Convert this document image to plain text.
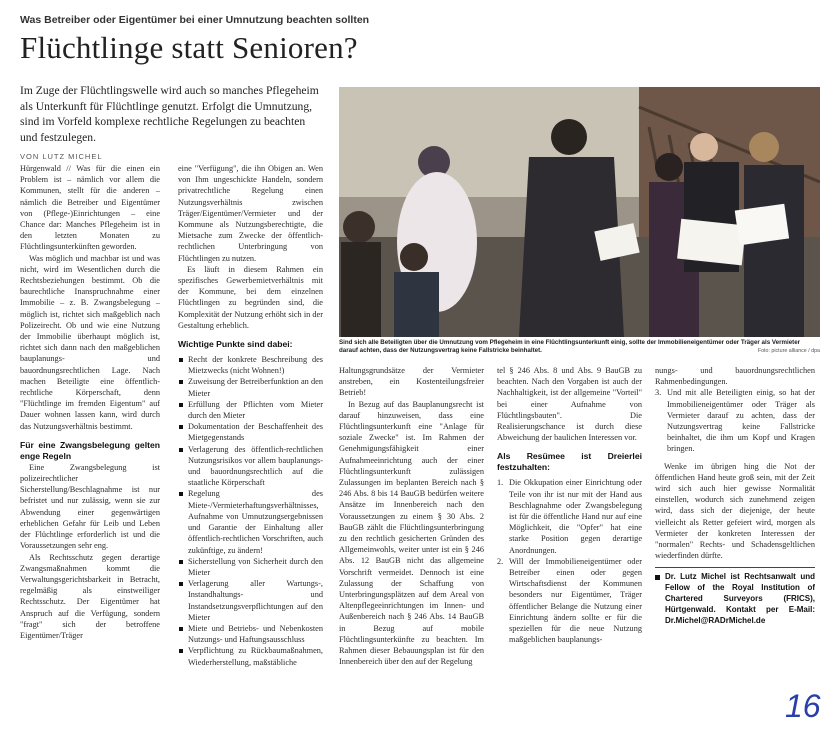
Was Betreiber oder Eigentümer bei einer Umnutzung beachten sollten
Flüchtlinge statt Senioren?
Im Zuge der Flüchtlingswelle wird auch so manches Pflegeheim als Unterkunft für Flüchtlinge genutzt. Erfolgt die Umnutzung, sind im Vorfeld komplexe rechtliche Regelungen zu beachten und festzulegen.
VON LUTZ MICHEL
Sind sich alle Beteiligten über die Umnutzung vom Pflegeheim in eine Flüchtlingsunterkunft einig, sollte der Immobilieneigentümer oder Träger als Vermieter darauf achten, dass der Nutzungsvertrag keine Fallstricke beinhaltet.	Foto: picture alliance / dpa

Hürgenwald // Was für die einen ein Problem ist – nämlich vor allem die Kommunen, stellt für die anderen – nämlich die Betreiber und Eigentümer von (Pflege-)Einrichtungen – eine Chance dar: Manches Pflegeheim ist in den letzten Monaten zu Flüchtlingsunterkünften geworden.

Was möglich und machbar ist und was nicht, wird im Wesentlichen durch die Rechtsbeziehungen bestimmt. Ob die baurechtliche Inanspruchnahme einer Immobilie – z. B. Zwangsbelegung – möglich ist, richtet sich maßgeblich nach Polizeirecht. Ob und wie eine Nutzung der Immobilie überhaupt möglich ist, richtet sich dann nach den maßgeblichen bauplanungs- und bauordnungsrechtlichen Lage. Nach machen Beteiligte eine öffentlich-rechtliche Körperschaft, denn "Flüchtlinge im fremden Eigentum" auf Dauer wohnen lassen kann, wird durch das Nutzungsverhältnis bestimmt.

Für eine Zwangsbelegung gelten enge Regeln

Eine Zwangsbelegung ist polizeirechtlicher Sicherstellung/Beschlagnahme ist nur befristet und nur zulässig, wenn sie zur Abwendung einer gegenwärtigen erheblichen Gefahr für Leib und Leben der Flüchtlinge erforderlich ist und die Voraussetzungen sehr eng.

Als Rechtsschutz gegen derartige Zwangsmaßnahmen kommt die Verwaltungsgerichtsbarkeit in Betracht, regelmäßig als einstweiliger Rechtsschutz. Der Eigentümer hat Anspruch auf die Verfügung, sondern "fragt" sich der betroffene Eigentümer/Träger

eine "Verfügung", die ihn Obigen an. Wen von Ihm ungeschickte Handeln, sondern privatrechtliche Regelung einen Nutzungsverhältnis zwischen Träger/Eigentümer/Vermieter und der Kommune als Nutzungsberechtigte, die Mietsache zum Zwecke der öffentlich-rechtlichen Unterbringung von Flüchtlingen zu nutzen.

Es läuft in diesem Rahmen ein spezifisches Gewerbemietverhältnis mit der Kommune, bei dem einzelnen Flüchtlingen zu begründen sind, die Komplexität der Nutzung erhöht sich in der Gestaltung erheblich.

Wichtige Punkte sind dabei:

Recht der konkrete Beschreibung des Mietzwecks (nicht Wohnen!)
Zuweisung der Betreiberfunktion an den Mieter
Erfüllung der Pflichten vom Mieter durch den Mieter
Dokumentation der Beschaffenheit des Mietgegenstands
Verlagerung des öffentlich-rechtlichen Nutzungsrisikos vor allem bauplanungs- und bauordnungsrechtlich auf die staatliche Körperschaft
Regelung des Miete-/Vermieterhaftungsverhältnisses, Aufnahme von Umnutzungsergebnissen und Garantie der Einhaltung aller öffentlich-rechtlichen Vorschriften, auch zukünftige, zu ändern!
Sicherstellung von Sicherheit durch den Mieter
Verlagerung aller Wartungs-, Instandhaltungs- und Instandsetzungsverpflichtungen auf den Mieter
Miete und Betriebs- und Nebenkosten Nutzungs- und Haftungsausschluss
Verpflichtung zu Rückbaumaßnahmen, Wiederherstellung, maßstäbliche

Haltungsgrundsätze der Vermieter anstreben, ein Kostenteilungsfreier Betrieb!

In Bezug auf das Bauplanungsrecht ist darauf hinzuweisen, dass eine Flüchtlingsunterkunft eine "Anlage für soziale Zwecke" ist. Im Rahmen der Genehmigungsfähigkeit einer Aufnahmeeinrichtung auch der einer Flüchtlingsunterkunft zulässigen Zulassungen im beplanten Bereich nach § 246 Abs. 8 bis 14 BauGB bedürfen weitere Ansätze im Innenbereich nach den Voraussetzungen zu einem § 30 Abs. 2 BauGB zählt die Flüchtlingsunterbringung zu den rechtlich gesicherten Gründen des Allgemeinwohls, weiter unter ist ein § 246 Abs. 12 BauGB nicht das allgemeine Vorschrift vermeidet. Dennoch ist eine Zulassung der Schaffung von Unterbringungsplätzen auf dem Areal von Altenpflegeeinrichtungen im Innen- und Außenbereich nach § 246 Abs. 14 BauGB in Bezug auf mobile Flüchtlingsunterkünfte zu beachten. Im Rahmen dieser Bebauungsplan ist für den Innenbereich über den auf der Regelung

tel § 246 Abs. 8 und Abs. 9 BauGB zu beachten. Nach den Vorgaben ist auch der Nachhaltigkeit, ist der allgemeine "Vorteil" bei einer Aufnahme von Flüchtlingsbauten". Die Realisierungschance ist durch diese Abweichung der baulichen Interessen vor.

Als Resümee ist Dreierlei festzuhalten:

1. Die Okkupation einer Einrichtung oder Teile von ihr ist nur mit der Hand aus Beschlagnahme oder Zwangsbelegung ist für die öffentliche Hand nur auf eine Möglichkeit, die "Opfer" hat eine starke Position gegen derartige Anordnungen.
2. Will der Immobilieneigentümer oder Betreiber einen oder gegen Wirtschaftsdienst der Kommunen besonders nur Eigentümer, Träger öffentlicher Belange die Nutzung einer Einrichtung ändern sollte er für die speziellen für die neue Nutzung maßgeblichen bauplanungs-

nungs- und bauordnungsrechtlichen Rahmenbedingungen.

3. Und mit alle Beteiligten einig, so hat der Immobilieneigentümer oder Träger als Vermieter darauf zu achten, dass der Nutzungsvertrag keine Fallstricke beinhaltet, die ihm um Kopf und Kragen bringen.

Wenke im übrigen hing die Not der öffentlichen Hand heute groß sein, mit der Zeit wird sich auch hier gewisse Normalität einstellen, wodurch sich zunehmend zeigen wird, dass sich der diejenige, der heute vielleicht als Retter gefeiert wird, morgen als Vermieter der konkreten Interessen der "normalen" Rechts- und Schadensgeltlichen wiederfinden dürfte.

Dr. Lutz Michel ist Rechtsanwalt und Fellow of the Royal Institution of Chartered Surveyors (FRICS), Hürtgenwald. Kontakt per E-Mail: Dr.Michel@RADrMichel.de
16
